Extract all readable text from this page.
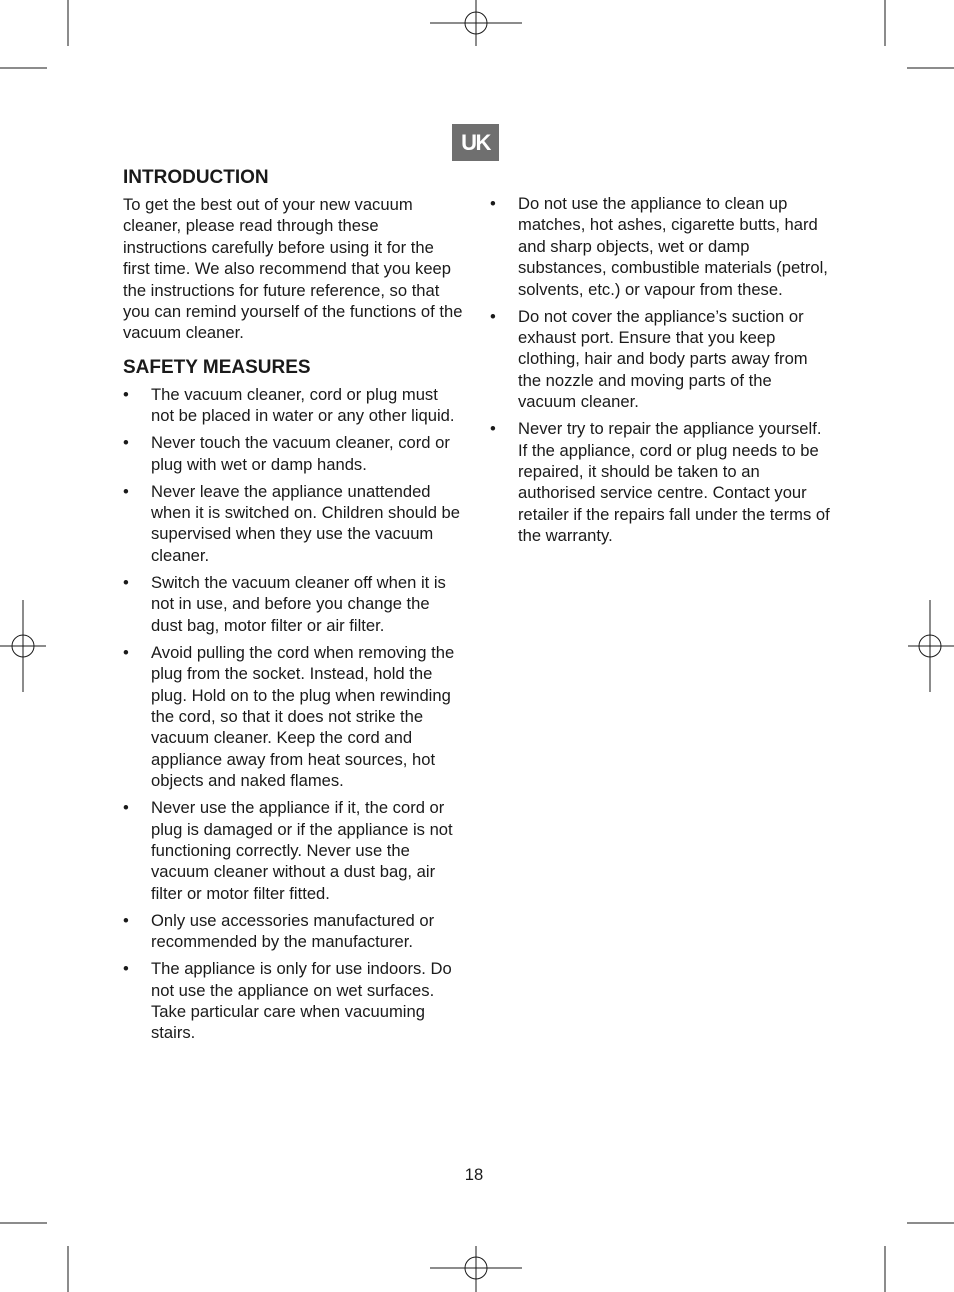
UK
INTRODUCTION

To get the best out of your new vacuum cleaner, please read through these instructions carefully before using it for the first time. We also recommend that you keep the instructions for future reference, so that you can remind yourself of the functions of the vacuum cleaner.

SAFETY MEASURES
• The vacuum cleaner, cord or plug must not be placed in water or any other liquid.
• Never touch the vacuum cleaner, cord or plug with wet or damp hands.
• Never leave the appliance unattended when it is switched on. Children should be supervised when they use the vacuum cleaner.
• Switch the vacuum cleaner off when it is not in use, and before you change the dust bag, motor filter or air filter.
• Avoid pulling the cord when removing the plug from the socket. Instead, hold the plug. Hold on to the plug when rewinding the cord, so that it does not strike the vacuum cleaner. Keep the cord and appliance away from heat sources, hot objects and naked flames.
• Never use the appliance if it, the cord or plug is damaged or if the appliance is not functioning correctly. Never use the vacuum cleaner without a dust bag, air filter or motor filter fitted.
• Only use accessories manufactured or recommended by the manufacturer.
• The appliance is only for use indoors. Do not use the appliance on wet surfaces. Take particular care when vacuuming stairs.
• Do not use the appliance to clean up matches, hot ashes, cigarette butts, hard and sharp objects, wet or damp substances, combustible materials (petrol, solvents, etc.) or vapour from these.
• Do not cover the appliance’s suction or exhaust port. Ensure that you keep clothing, hair and body parts away from the nozzle and moving parts of the vacuum cleaner.
• Never try to repair the appliance yourself. If the appliance, cord or plug needs to be repaired, it should be taken to an authorised service centre. Contact your retailer if the repairs fall under the terms of the warranty.
18
